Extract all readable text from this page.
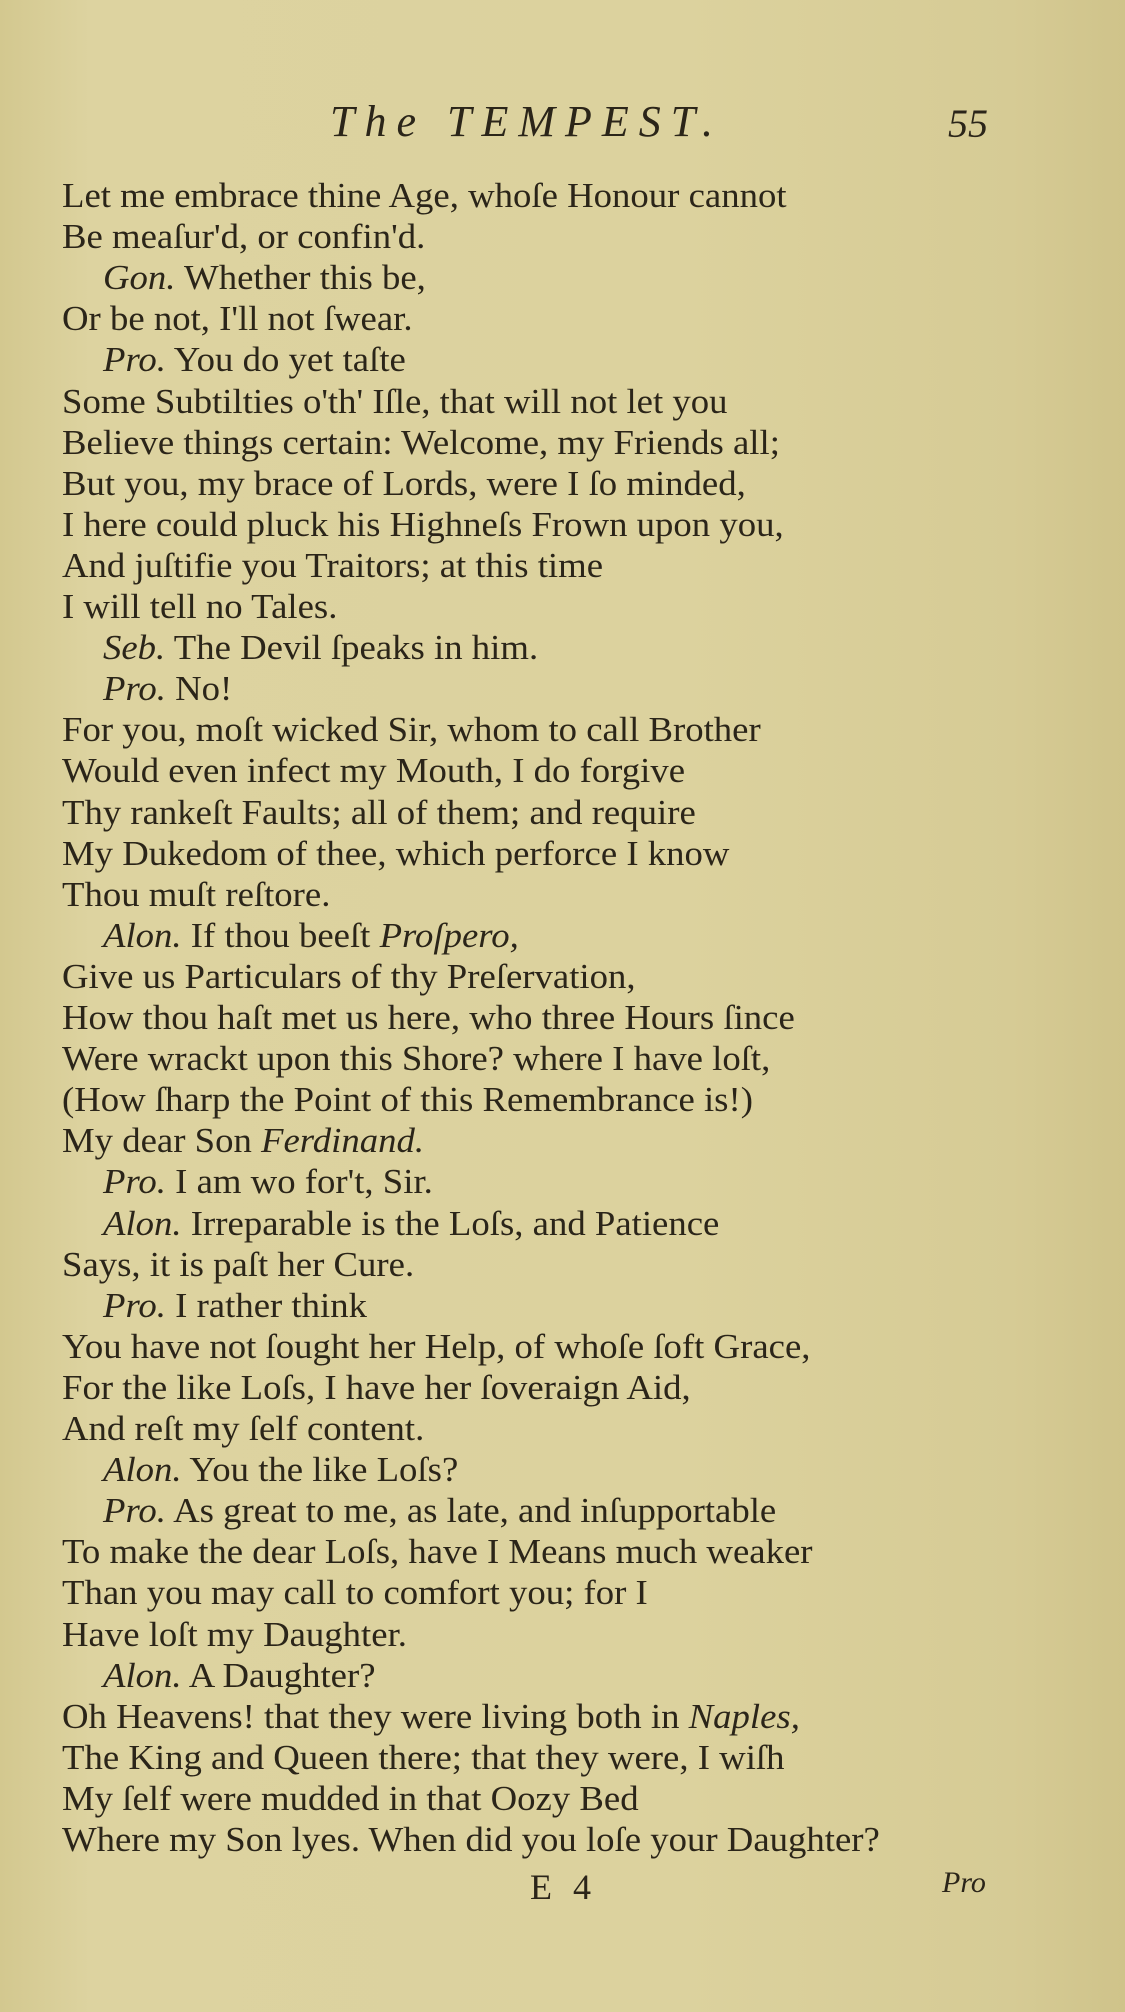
The TEMPEST.	55
Let me embrace thine Age, whoſe Honour cannot
Be meaſur'd, or confin'd.
Gon. Whether this be,
Or be not, I'll not ſwear.
Pro. You do yet taſte
Some Subtilties o'th' Iſle, that will not let you
Believe things certain: Welcome, my Friends all;
But you, my brace of Lords, were I ſo minded,
I here could pluck his Highneſs Frown upon you,
And juſtifie you Traitors; at this time
I will tell no Tales.
Seb. The Devil ſpeaks in him.
Pro. No!
For you, moſt wicked Sir, whom to call Brother
Would even infect my Mouth, I do forgive
Thy rankeſt Faults; all of them; and require
My Dukedom of thee, which perforce I know
Thou muſt reſtore.
Alon. If thou beeſt Proſpero,
Give us Particulars of thy Preſervation,
How thou haſt met us here, who three Hours ſince
Were wrackt upon this Shore? where I have loſt,
(How ſharp the Point of this Remembrance is!)
My dear Son Ferdinand.
Pro. I am wo for't, Sir.
Alon. Irreparable is the Loſs, and Patience
Says, it is paſt her Cure.
Pro. I rather think
You have not ſought her Help, of whoſe ſoft Grace,
For the like Loſs, I have her ſoveraign Aid,
And reſt my ſelf content.
Alon. You the like Loſs?
Pro. As great to me, as late, and inſupportable
To make the dear Loſs, have I Means much weaker
Than you may call to comfort you; for I
Have loſt my Daughter.
Alon. A Daughter?
Oh Heavens! that they were living both in Naples,
The King and Queen there; that they were, I wiſh
My ſelf were mudded in that Oozy Bed
Where my Son lyes. When did you loſe your Daughter?
E 4	Pro
